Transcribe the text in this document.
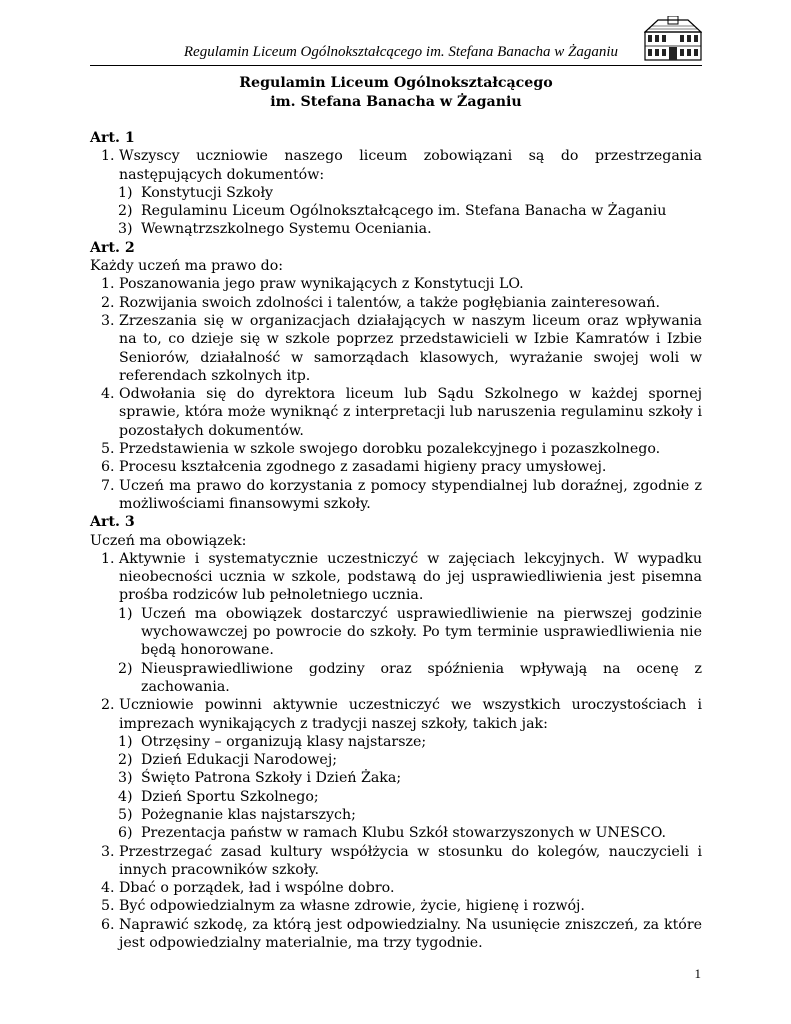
Regulamin Liceum Ogólnokształcącego im. Stefana Banacha w Żaganiu
Regulamin Liceum Ogólnokształcącego
im. Stefana Banacha w Żaganiu
Art. 1
1. Wszyscy uczniowie naszego liceum zobowiązani są do przestrzegania następujących dokumentów:
1) Konstytucji Szkoły
2) Regulaminu Liceum Ogólnokształcącego im. Stefana Banacha w Żaganiu
3) Wewnątrzszkolnego Systemu Oceniania.
Art. 2
Każdy uczeń ma prawo do:
1. Poszanowania jego praw wynikających z Konstytucji LO.
2. Rozwijania swoich zdolności i talentów, a także pogłębiania zainteresowań.
3. Zrzeszania się w organizacjach działających w naszym liceum oraz wpływania na to, co dzieje się w szkole poprzez przedstawicieli w Izbie Kamratów i Izbie Seniorów, działalność w samorządach klasowych, wyrażanie swojej woli w referendach szkolnych itp.
4. Odwołania się do dyrektora liceum lub Sądu Szkolnego w każdej spornej sprawie, która może wyniknąć z interpretacji lub naruszenia regulaminu szkoły i pozostałych dokumentów.
5. Przedstawienia w szkole swojego dorobku pozalekcyjnego i pozaszkolnego.
6. Procesu kształcenia zgodnego z zasadami higieny pracy umysłowej.
7. Uczeń ma prawo do korzystania z pomocy stypendialnej lub doraźnej, zgodnie z możliwościami finansowymi szkoły.
Art. 3
Uczeń ma obowiązek:
1. Aktywnie i systematycznie uczestniczyć w zajęciach lekcyjnych. W wypadku nieobecności ucznia w szkole, podstawą do jej usprawiedliwienia jest pisemna prośba rodziców lub pełnoletniego ucznia.
1) Uczeń ma obowiązek dostarczyć usprawiedliwienie na pierwszej godzinie wychowawczej po powrocie do szkoły. Po tym terminie usprawiedliwienia nie będą honorowane.
2) Nieusprawiedliwione godziny oraz spóźnienia wpływają na ocenę z zachowania.
2. Uczniowie powinni aktywnie uczestniczyć we wszystkich uroczystościach i imprezach wynikających z tradycji naszej szkoły, takich jak:
1) Otrzęsiny – organizują klasy najstarsze;
2) Dzień Edukacji Narodowej;
3) Święto Patrona Szkoły i Dzień Żaka;
4) Dzień Sportu Szkolnego;
5) Pożegnanie klas najstarszych;
6) Prezentacja państw w ramach Klubu Szkół stowarzyszonych w UNESCO.
3. Przestrzegać zasad kultury współżycia w stosunku do kolegów, nauczycieli i innych pracowników szkoły.
4. Dbać o porządek, ład i wspólne dobro.
5. Być odpowiedzialnym za własne zdrowie, życie, higienę i rozwój.
6. Naprawić szkodę, za którą jest odpowiedzialny. Na usunięcie zniszczeń, za które jest odpowiedzialny materialnie, ma trzy tygodnie.
1
